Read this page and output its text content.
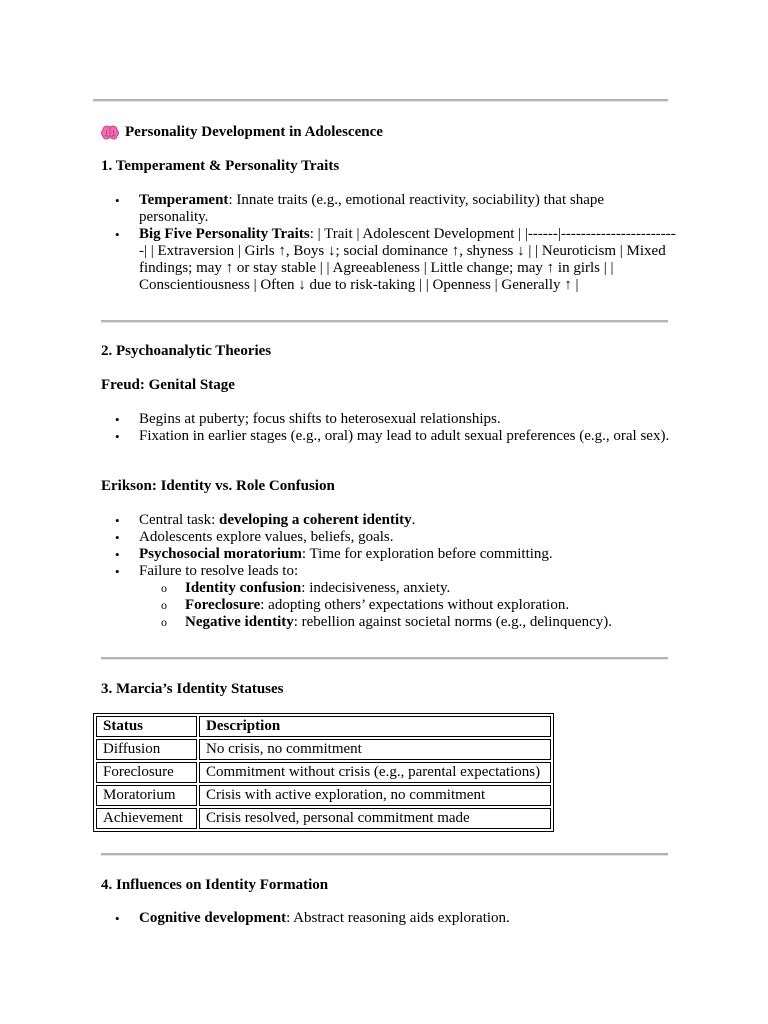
Personality Development in Adolescence
1. Temperament & Personality Traits
• Temperament: Innate traits (e.g., emotional reactivity, sociability) that shape personality.
• Big Five Personality Traits: | Trait | Adolescent Development | |------|------------------------| | Extraversion | Girls ↑, Boys ↓; social dominance ↑, shyness ↓ | | Neuroticism | Mixed findings; may ↑ or stay stable | | Agreeableness | Little change; may ↑ in girls | | Conscientiousness | Often ↓ due to risk-taking | | Openness | Generally ↑ |
2. Psychoanalytic Theories
Freud: Genital Stage
• Begins at puberty; focus shifts to heterosexual relationships.
• Fixation in earlier stages (e.g., oral) may lead to adult sexual preferences (e.g., oral sex).
Erikson: Identity vs. Role Confusion
• Central task: developing a coherent identity.
• Adolescents explore values, beliefs, goals.
• Psychosocial moratorium: Time for exploration before committing.
• Failure to resolve leads to:
o Identity confusion: indecisiveness, anxiety.
o Foreclosure: adopting others’ expectations without exploration.
o Negative identity: rebellion against societal norms (e.g., delinquency).
3. Marcia’s Identity Statuses
Status	Description
Diffusion	No crisis, no commitment
Foreclosure	Commitment without crisis (e.g., parental expectations)
Moratorium	Crisis with active exploration, no commitment
Achievement	Crisis resolved, personal commitment made
4. Influences on Identity Formation
• Cognitive development: Abstract reasoning aids exploration.
